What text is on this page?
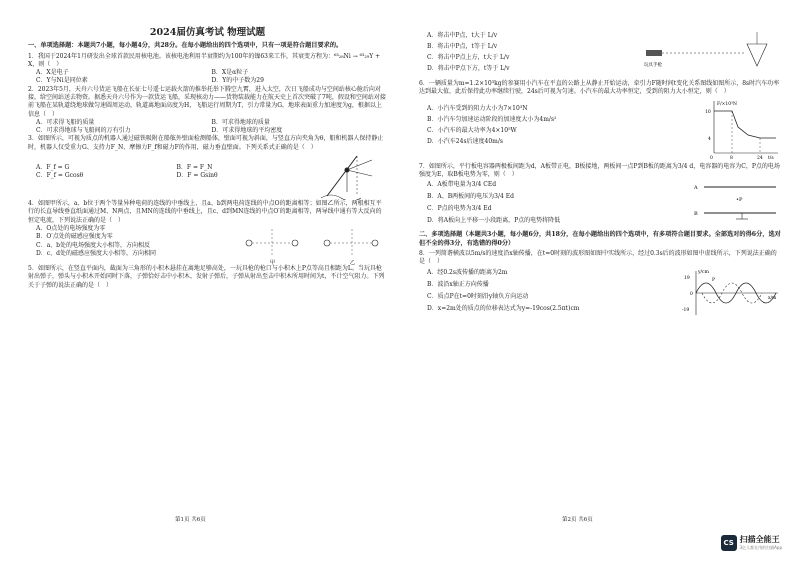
2024届仿真考试 物理试题
一、单项选择题：本题共7小题，每小题4分，共28分。在每小题给出的四个选项中，只有一项是符合题目要求的。

1．我国于2024年1月研发出全球首款民用核电池。该核电池利用半衰期约为100年的镍63来工作，其衰变方程为：⁶³₂₈Ni → ⁶³₂₉Y + X，则（　）

A．X是电子	B．X是α粒子
C．Y与Ni是同位素	D．Y的中子数为29

2．2023年5月，天舟六号货运飞船在长征七号遥七运载火箭的推举托举下腾空九霄，进入太空，次日飞船成功与空间站核心舱后向对接，给空间站送去物资。据悉天舟六号作为一款货运飞船，采现核动力——货物装载能力在航天史上首次突破了7吨，假设和空间站对接前飞船在某轨道绕地球做匀速圆周运动，轨道离地面高度为H，飞船运行周期为T，引力常量为G，地球表面重力加速度为g，根据以上信息（　）

A．可求得飞船的质量	B．可求得地球的质量
C．可求得地球与飞船间的万有引力	D．可求得地球的平均密度

3．如图所示，可视为质点的机器人通过磁铁吸附在船舷外壁面检测船体，壁面可视为斜面，与竖直方向夹角为θ，船和机器人保持静止时，机器人仅受重力G、支持力F_N、摩擦力F_f和磁力F的作用，磁力垂直壁面。下列关系式正确的是（　）

A．F_f = G	B．F = F_N
C．F_f = Gcosθ	D．F = Gsinθ

4．如图甲所示，a、b位于两个等量异种电荷的连线的中垂线上，且a、b到两电荷连线的中点O的距离相等；如图乙所示，两根相互平行的长直导线垂直纸面通过M、N两点，且MN的连线的中垂线上，且c、d到MN连线的中点O′的距离相等，两导线中通有等大反向的恒定电流，下列说法正确的是（　）

A．O点处的电场强度为零
B．O′点处的磁感应强度为零
C．a、b处的电场强度大小相等，方向相反
D．c、d处的磁感应强度大小相等，方向相同
甲	乙

5．如图所示，在竖直平面内，截面为三角形的小积木悬挂在离地足够高处，一玩具枪的枪口与小积木上P点等高且相距为L。当玩具枪射出弹子，弹头与小积木开始同时下落，子弹恰好击中小积木，发射子弹后，子弹从射出至击中积木所用时间为t，不计空气阻力。下列关于子弹的说法正确的是（　）

第1页 共6页
A．将击中P点，t大于 L/v
B．将击中P点，t等于 L/v
C．将击中P点上方，t大于 L/v
D．将击中P点下方，t等于 L/v	玩具手枪

6．一辆质量为m=1.2×10³kg的参赛用小汽车在平直的公路上从静止开始运动，牵引力F随时间t变化关系图线如图所示，8s时汽车功率达到最大值，此后保持此功率继续行驶，24s后可视为匀速。小汽车的最大功率恒定，受到的阻力大小恒定，则（　）

A．小汽车受到的阻力大小为7×10³N
B．小汽车匀加速运动阶段的加速度大小为4m/s²
C．小汽车的最大功率为4×10⁵W
D．小汽车24s后速度40m/s
F/×10³N
t/s
10
4
0	8	24

7．如图所示，平行板电容器两极板间距为d，A板带正电，B板接地，两板间一点P到B板的距离为3/4 d，电容器的电容为C，P点的电场强度为E，取B板电势为零，则（　）

A．A板带电量为3/4 CEd
B．A、B两板间的电压为3/4 Ed
C．P点的电势为3/4 Ed
D．将A板向上平移一小段距离，P点的电势将降低
A
•P
B
二、多项选择题（本题共3小题，每小题6分，共18分，在每小题给出的四个选项中，有多项符合题目要求。全部选对的得6分，选对但不全的得3分，有选错的得0分）

8．一列简谐横波以5m/s的速度沿x轴传播，在t=0时刻的波形图如图中实线所示，经过0.3s后的波形如图中虚线所示，下列说法正确的是（　）

A．经0.2s波传播的距离为2m
B．波沿x轴正方向传播
C．质点P在t=0时刻沿y轴负方向运动
D．x=2m处的质点的位移表达式为y=-19cos(2.5πt)cm
y/cm
x/m
19
0
-19
P
第2页 共6页
CS 扫描全能王
3亿人都在用的扫描App
